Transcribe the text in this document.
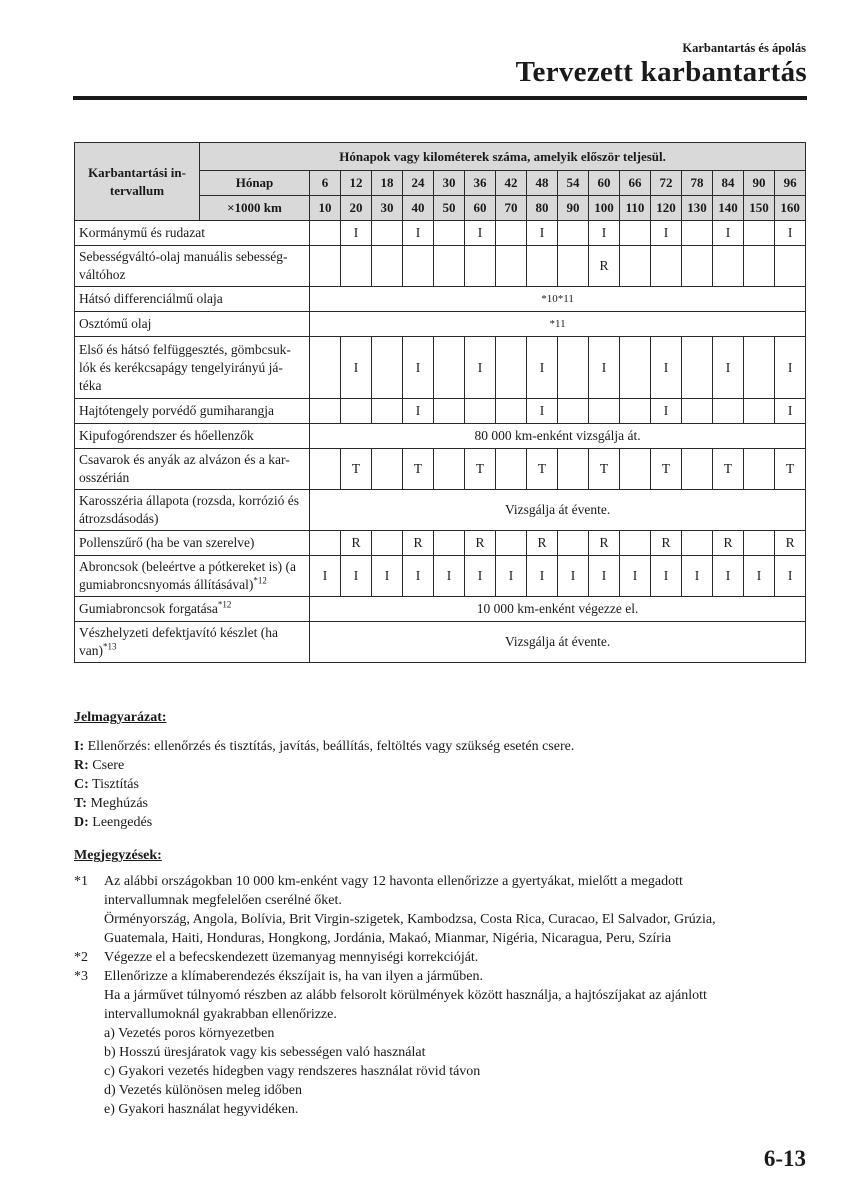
Karbantartás és ápolás
Tervezett karbantartás
Karbantartási in-tervallum	Hónapok vagy kilométerek száma, amelyik először teljesül.																
	Hónap	6	12	18	24	30	36	42	48	54	60	66	72	78	84	90	96
	×1000 km	10	20	30	40	50	60	70	80	90	100	110	120	130	140	150	160
Kormánymű és rudazat			I		I		I		I		I		I		I		I
Sebességváltó-olaj manuális sebesség-váltóhoz											R						
Hátsó differenciálmű olaja		*10*11															
Osztómű olaj		*11															
Első és hátsó felfüggesztés, gömbcsuk-lók és kerékcsapágy tengelyirányú já-téka			I		I		I		I		I		I		I		I
Hajtótengely porvédő gumiharangja					I				I				I				I
Kipufogórendszer és hőellenzők		80 000 km-enként vizsgálja át.															
Csavarok és anyák az alvázon és a kar-osszérián			T		T		T		T		T		T		T		T
Karosszéria állapota (rozsda, korrózió és átrozsdásodás)		Vizsgálja át évente.															
Pollenszűrő (ha be van szerelve)			R		R		R		R		R		R		R		R
Abroncsok (beleértve a pótkereket is) (a gumiabroncsnyomás állításával)$^{*12}$		I	I	I	I	I	I	I	I	I	I	I	I	I	I	I	I
Gumiabroncsok forgatása$^{*12}$		10 000 km-enként végezze el.															
Vészhelyzeti defektjavító készlet (ha van)$^{*13}$		Vizsgálja át évente.															
Jelmagyarázat:
I: Ellenőrzés: ellenőrzés és tisztítás, javítás, beállítás, feltöltés vagy szükség esetén csere.
R: Csere
C: Tisztítás
T: Meghúzás
D: Leengedés
Megjegyzések:
*1	Az alábbi országokban 10 000 km-enként vagy 12 havonta ellenőrizze a gyertyákat, mielőtt a megadott
intervallumnak megfelelően cserélné őket.
Örményország, Angola, Bolívia, Brit Virgin-szigetek, Kambodzsa, Costa Rica, Curacao, El Salvador, Grúzia,
Guatemala, Haiti, Honduras, Hongkong, Jordánia, Makaó, Mianmar, Nigéria, Nicaragua, Peru, Szíria
*2	Végezze el a befecskendezett üzemanyag mennyiségi korrekcióját.
*3	Ellenőrizze a klímaberendezés ékszíjait is, ha van ilyen a járműben.
Ha a járművet túlnyomó részben az alább felsorolt körülmények között használja, a hajtószíjakat az ajánlott
intervallumoknál gyakrabban ellenőrizze.
a) Vezetés poros környezetben
b) Hosszú üresjáratok vagy kis sebességen való használat
c) Gyakori vezetés hidegben vagy rendszeres használat rövid távon
d) Vezetés különösen meleg időben
e) Gyakori használat hegyvidéken.
6-13
